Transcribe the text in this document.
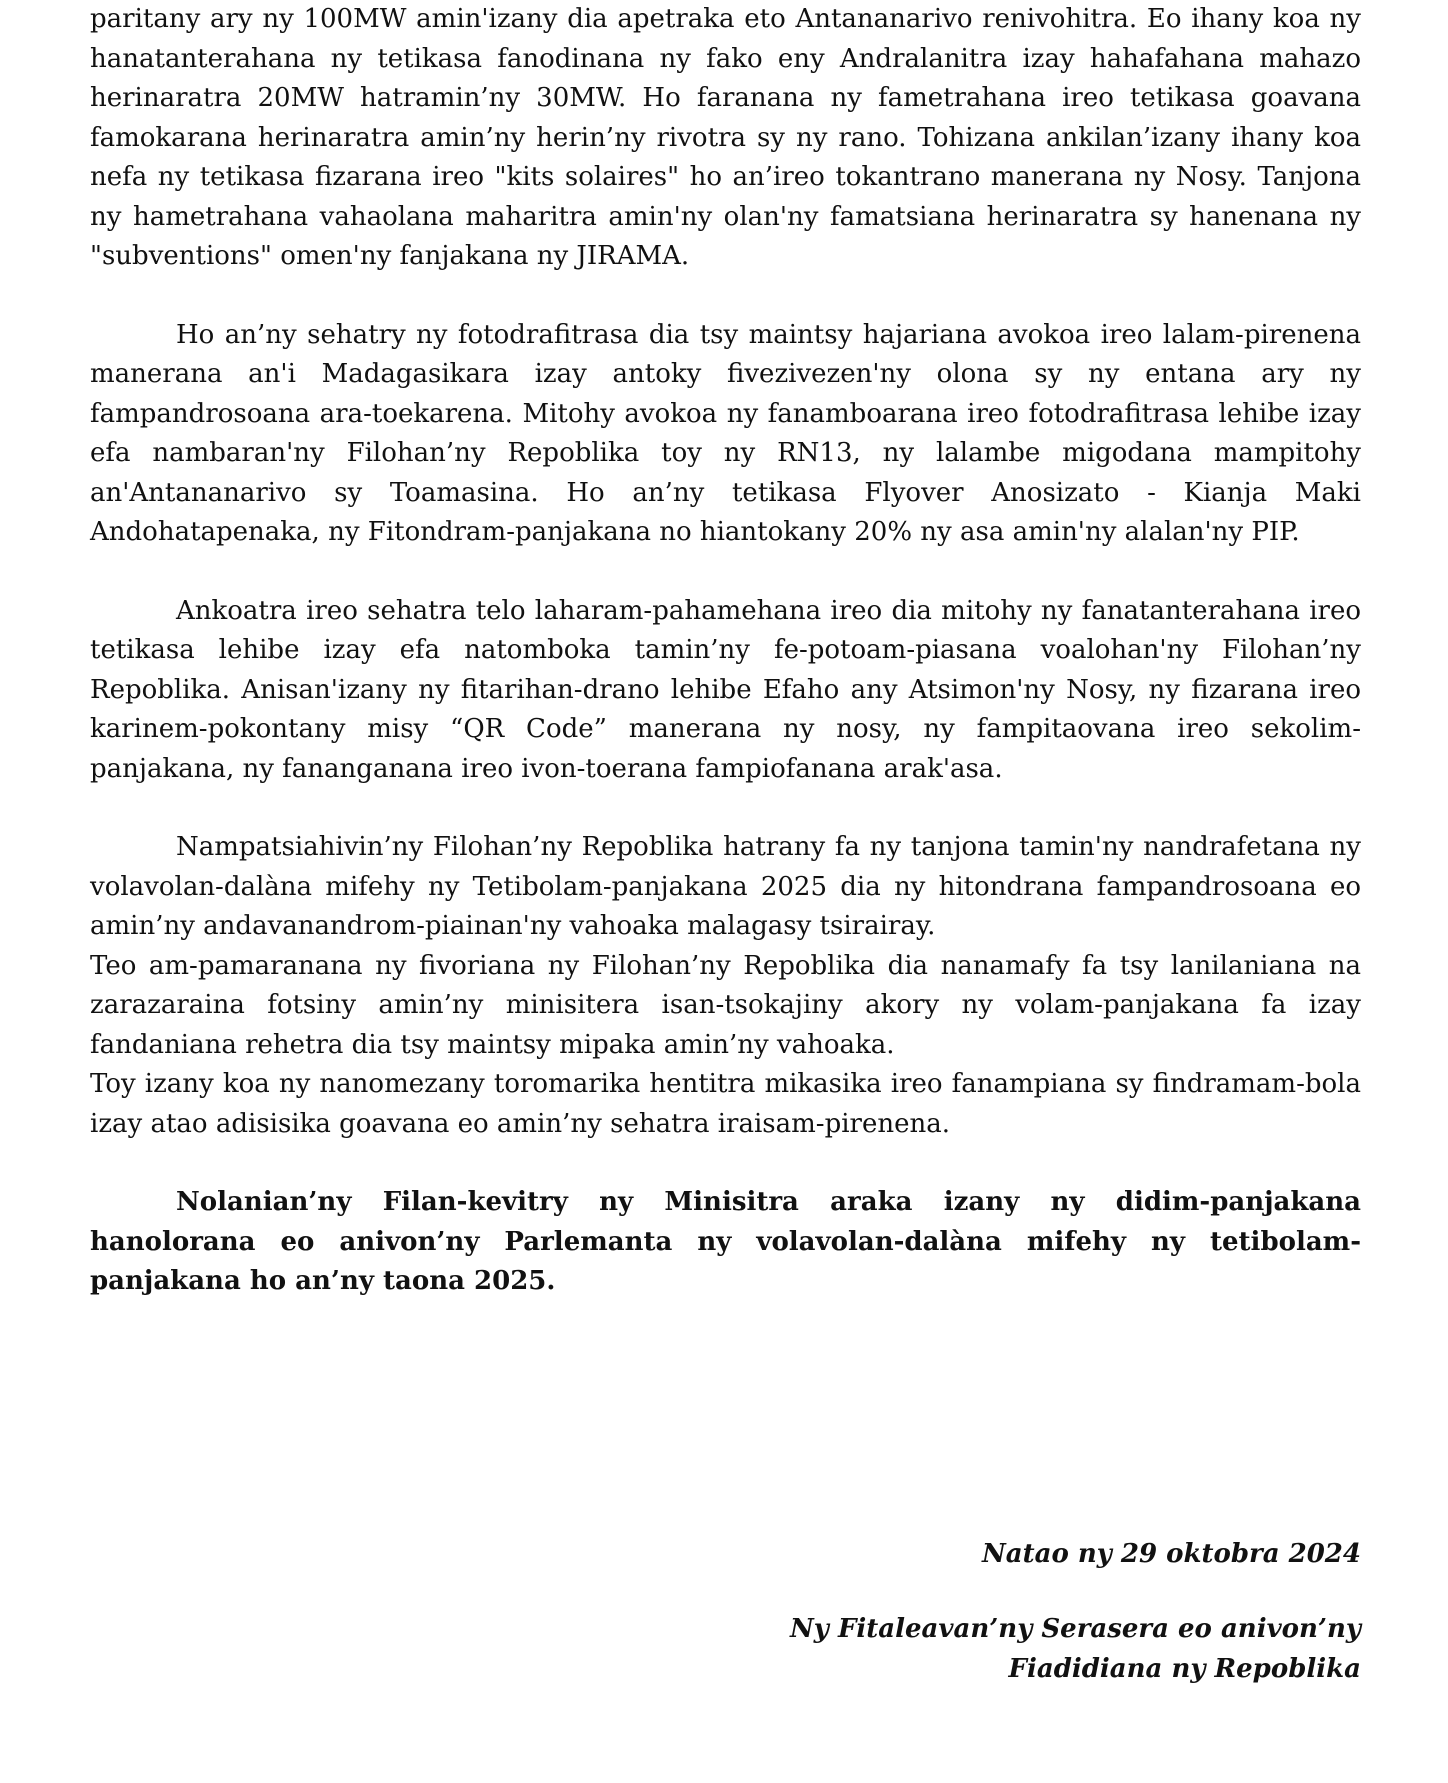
paritany ary ny 100MW amin'izany dia apetraka eto Antananarivo renivohitra. Eo ihany koa ny hanatanterahana ny tetikasa fanodinana ny fako eny Andralanitra izay hahafahana mahazo herinaratra 20MW hatramin’ny 30MW. Ho faranana ny fametrahana ireo tetikasa goavana famokarana herinaratra amin’ny herin’ny rivotra sy ny rano. Tohizana ankilan’izany ihany koa nefa ny tetikasa fizarana ireo "kits solaires" ho an’ireo tokantrano manerana ny Nosy. Tanjona ny hametrahana vahaolana maharitra amin'ny olan'ny famatsiana herinaratra sy hanenana ny "subventions" omen'ny fanjakana ny JIRAMA.

Ho an’ny sehatry ny fotodrafitrasa dia tsy maintsy hajariana avokoa ireo lalam-pirenena manerana an'i Madagasikara izay antoky fivezivezen'ny olona sy ny entana ary ny fampandrosoana ara-toekarena. Mitohy avokoa ny fanamboarana ireo fotodrafitrasa lehibe izay efa nambaran'ny Filohan’ny Repoblika toy ny RN13, ny lalambe migodana mampitohy an'Antananarivo sy Toamasina. Ho an’ny tetikasa Flyover Anosizato - Kianja Maki Andohatapenaka, ny Fitondram-panjakana no hiantokany 20% ny asa amin'ny alalan'ny PIP.

Ankoatra ireo sehatra telo laharam-pahamehana ireo dia mitohy ny fanatanterahana ireo tetikasa lehibe izay efa natomboka tamin’ny fe-potoam-piasana voalohan'ny Filohan’ny Repoblika. Anisan'izany ny fitarihan-drano lehibe Efaho any Atsimon'ny Nosy, ny fizarana ireo karinem-pokontany misy “QR Code” manerana ny nosy, ny fampitaovana ireo sekolim-panjakana, ny fananganana ireo ivon-toerana fampiofanana arak'asa.

Nampatsiahivin’ny Filohan’ny Repoblika hatrany fa ny tanjona tamin'ny nandrafetana ny volavolan-dalàna mifehy ny Tetibolam-panjakana 2025 dia ny hitondrana fampandrosoana eo amin’ny andavanandrom-piainan'ny vahoaka malagasy tsirairay.

Teo am-pamaranana ny fivoriana ny Filohan’ny Repoblika dia nanamafy fa tsy lanilaniana na zarazaraina fotsiny amin’ny minisitera isan-tsokajiny akory ny volam-panjakana fa izay fandaniana rehetra dia tsy maintsy mipaka amin’ny vahoaka.

Toy izany koa ny nanomezany toromarika hentitra mikasika ireo fanampiana sy findramam-bola izay atao adisisika goavana eo amin’ny sehatra iraisam-pirenena.

Nolanian’ny Filan-kevitry ny Minisitra araka izany ny didim-panjakana hanolorana eo anivon’ny Parlemanta ny volavolan-dalàna mifehy ny tetibolam-panjakana ho an’ny taona 2025.

Natao ny 29 oktobra 2024
Ny Fitaleavan’ny Serasera eo anivon’ny
Fiadidiana ny Repoblika
